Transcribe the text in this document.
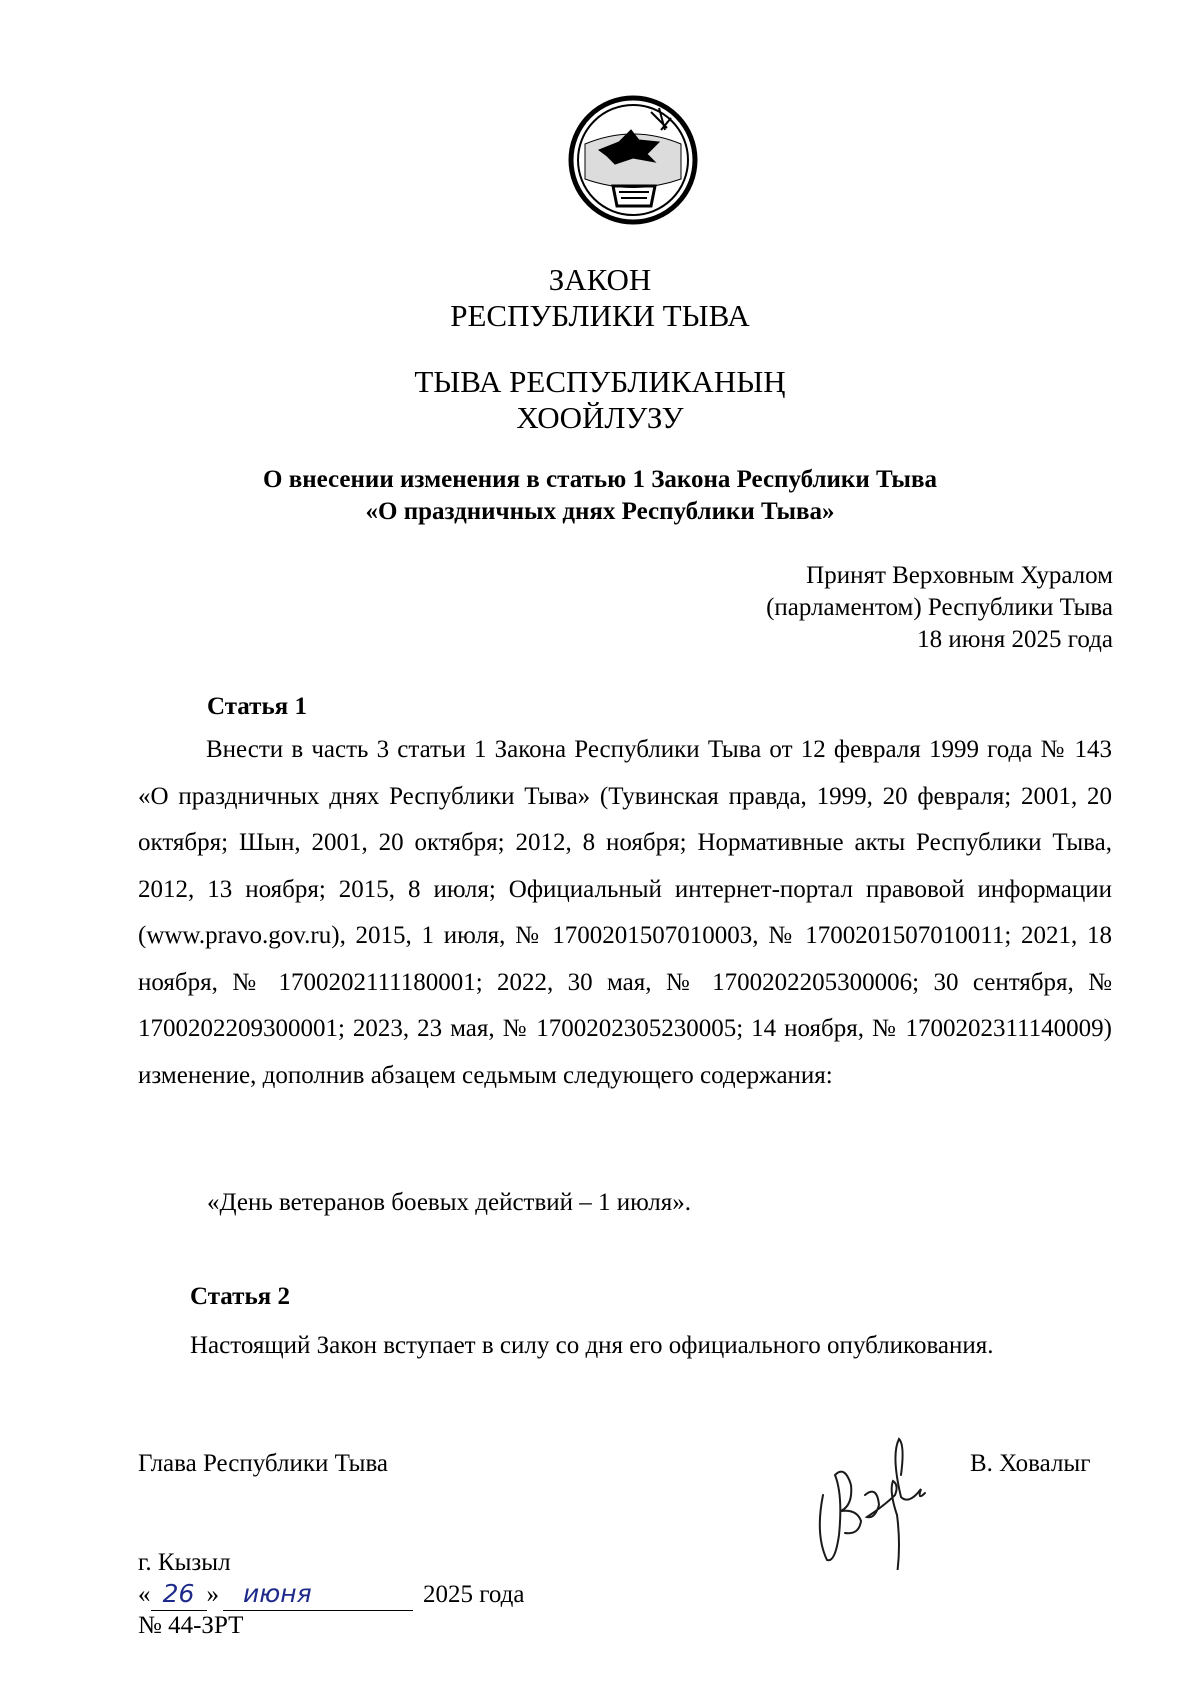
ЗАКОН
РЕСПУБЛИКИ ТЫВА
ТЫВА РЕСПУБЛИКАНЫҢ
ХООЙЛУЗУ
О внесении изменения в статью 1 Закона Республики Тыва
«О праздничных днях Республики Тыва»
Принят Верховным Хуралом
(парламентом) Республики Тыва
18 июня 2025 года
Статья 1
Внести в часть 3 статьи 1 Закона Республики Тыва от 12 февраля 1999 года № 143 «О праздничных днях Республики Тыва» (Тувинская правда, 1999, 20 февраля; 2001, 20 октября; Шын, 2001, 20 октября; 2012, 8 ноября; Нормативные акты Республики Тыва, 2012, 13 ноября; 2015, 8 июля; Официальный интернет-портал правовой информации (www.pravo.gov.ru), 2015, 1 июля, № 1700201507010003, № 1700201507010011; 2021, 18 ноября, № 1700202111180001; 2022, 30 мая, № 1700202205300006; 30 сентября, № 1700202209300001; 2023, 23 мая, № 1700202305230005; 14 ноября, № 1700202311140009) изменение, дополнив абзацем седьмым следующего содержания:
«День ветеранов боевых действий – 1 июля».
Статья 2
Настоящий Закон вступает в силу со дня его официального опубликования.
Глава Республики Тыва	В. Ховалыг
г. Кызыл
« 26 » июня	2025 года
№ 44-ЗРТ
